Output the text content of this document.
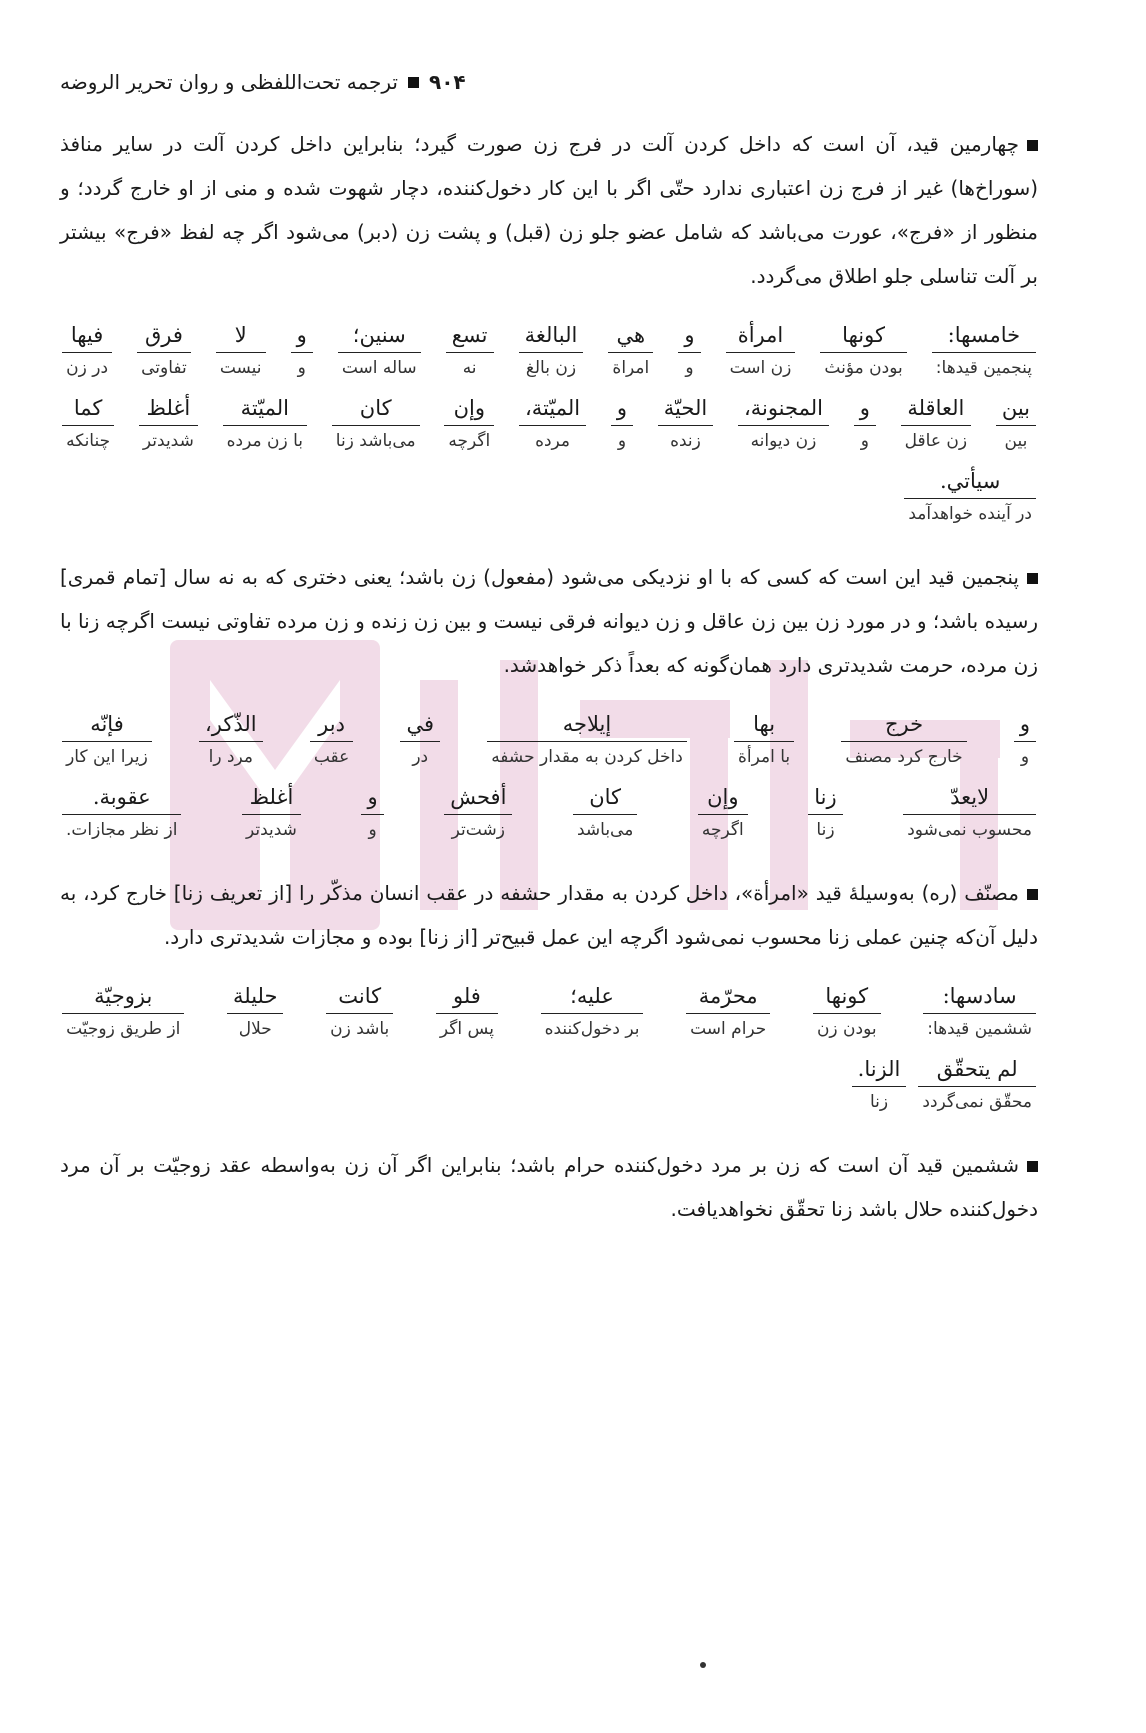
۹۰۴
ترجمه تحت‌اللفظی و روان تحریر الروضه

چهارمین قید، آن است که داخل کردن آلت در فرج زن صورت گیرد؛ بنابراین داخل کردن آلت در سایر منافذ (سوراخ‌ها) غیر از فرج زن اعتباری ندارد حتّی اگر با این کار دخول‌کننده، دچار شهوت شده و منی از او خارج گردد؛ و منظور از «فرج»، عورت می‌باشد که شامل عضو جلو زن (قبل) و پشت زن (دبر) می‌شود اگر چه لفظ «فرج» بیشتر بر آلت تناسلی جلو اطلاق می‌گردد.

خامسها:
پنجمین قیدها:
کونها
بودن مؤنث
امرأة
زن است
و
و
هي
امراة
البالغة
زن بالغ
تسع
نه
سنين؛
ساله است
و
و
لا
نیست
فرق
تفاوتی
فيها
در زن
بين
بین
العاقلة
زن عاقل
و
و
المجنونة،
زن دیوانه
الحيّة
زنده
و
و
الميّتة،
مرده
وإن
اگرچه
کان
می‌باشد زنا
الميّتة
با زن مرده
أغلظ
شدیدتر
کما
چنانکه
سيأتي.
در آینده خواهدآمد

پنجمین قید این است که کسی که با او نزدیکی می‌شود (مفعول) زن باشد؛ یعنی دختری که به نه سال [تمام قمری] رسیده باشد؛ و در مورد زن بین زن عاقل و زن دیوانه فرقی نیست و بین زن زنده و زن مرده تفاوتی نیست اگرچه زنا با زن مرده، حرمت شدیدتری دارد همان‌گونه که بعداً ذکر خواهدشد.

و
و
خرج
خارج کرد مصنف
بها
با امرأة
إيلاجه
داخل کردن به مقدار حشفه
في
در
دبر
عقب
الذّکر،
مرد را
فإنّه
زیرا این کار
لايعدّ
محسوب نمی‌شود
زنا
زنا
وإن
اگرچه
کان
می‌باشد
أفحش
زشت‌تر
و
و
أغلظ
شدیدتر
عقوبة.
از نظر مجازات.

مصنّف (ره) به‌وسیلهٔ قید «امرأة»، داخل کردن به مقدار حشفه در عقب انسان مذکّر را [از تعریف زنا] خارج کرد، به دلیل آن‌که چنین عملی زنا محسوب نمی‌شود اگرچه این عمل قبیح‌تر [از زنا] بوده و مجازات شدیدتری دارد.

سادسها:
ششمین قیدها:
کونها
بودن زن
محرّمة
حرام است
عليه؛
بر دخول‌کننده
فلو
پس اگر
کانت
باشد زن
حليلة
حلال
بزوجيّة
از طریق زوجیّت
لم يتحقّق
محقّق نمی‌گردد
الزنا.
زنا

ششمین قید آن است که زن بر مرد دخول‌کننده حرام باشد؛ بنابراین اگر آن زن به‌واسطه عقد زوجیّت بر آن مرد دخول‌کننده حلال باشد زنا تحقّق نخواهدیافت.
